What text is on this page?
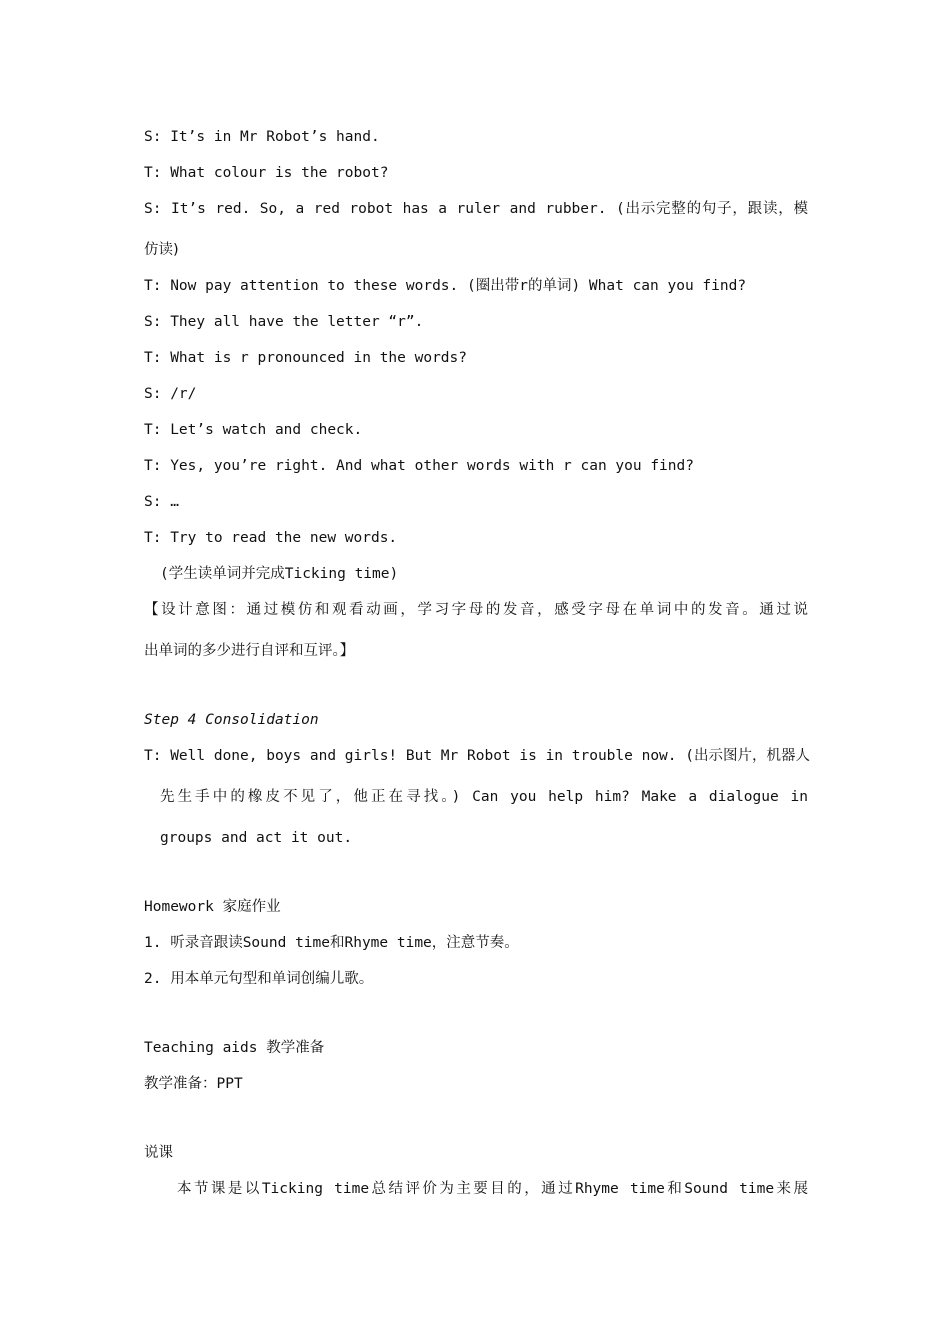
S: It’s in Mr Robot’s hand.
T: What colour is the robot?
S: It’s red. So, a red robot has a ruler and rubber. (出示完整的句子，跟读，模
仿读)
T: Now pay attention to these words. (圈出带r的单词) What can you find?
S: They all have the letter “r”.
T: What is r pronounced in the words?
S: /r/
T: Let’s watch and check.
T: Yes, you’re right. And what other words with r can you find?
S: …
T: Try to read the new words.
(学生读单词并完成Ticking time)
【设计意图：通过模仿和观看动画，学习字母的发音，感受字母在单词中的发音。通过说
出单词的多少进行自评和互评。】
Step 4 Consolidation
T: Well done, boys and girls! But Mr Robot is in trouble now. (出示图片，机器人
先生手中的橡皮不见了，他正在寻找。) Can you help him? Make a dialogue in
groups and act it out.
Homework 家庭作业
1. 听录音跟读Sound time和Rhyme time，注意节奏。
2. 用本单元句型和单词创编儿歌。
Teaching aids 教学准备
教学准备：PPT
说课
本节课是以Ticking time总结评价为主要目的，通过Rhyme time和Sound time来展
